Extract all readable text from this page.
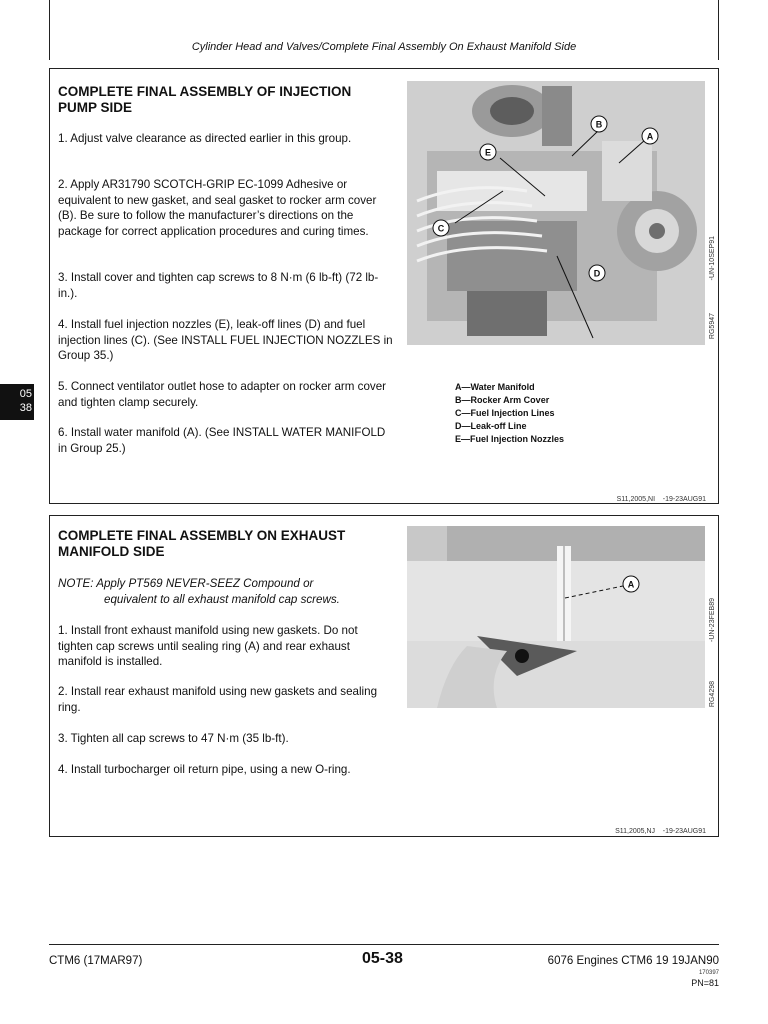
Cylinder Head and Valves/Complete Final Assembly On Exhaust Manifold Side
COMPLETE FINAL ASSEMBLY OF INJECTION PUMP SIDE
1. Adjust valve clearance as directed earlier in this group.
2. Apply AR31790 SCOTCH-GRIP EC-1099 Adhesive or equivalent to new gasket, and seal gasket to rocker arm cover (B). Be sure to follow the manufacturer’s directions on the package for correct application procedures and curing times.
3. Install cover and tighten cap screws to 8 N·m (6 lb-ft) (72 lb-in.).
4. Install fuel injection nozzles (E), leak-off lines (D) and fuel injection lines (C). (See INSTALL FUEL INJECTION NOZZLES in Group 35.)
5. Connect ventilator outlet hose to adapter on rocker arm cover and tighten clamp securely.
6. Install water manifold (A). (See INSTALL WATER MANIFOLD in Group 25.)
B
A
E
C
D
RG5947
-UN-10SEP91
A—Water Manifold
B—Rocker Arm Cover
C—Fuel Injection Lines
D—Leak-off Line
E—Fuel Injection Nozzles
S11,2005,NI    -19-23AUG91
05
38
COMPLETE FINAL ASSEMBLY ON EXHAUST MANIFOLD SIDE
NOTE: Apply PT569 NEVER-SEEZ Compound or
equivalent to all exhaust manifold cap screws.
1. Install front exhaust manifold using new gaskets. Do not tighten cap screws until sealing ring (A) and rear exhaust manifold is installed.
2. Install rear exhaust manifold using new gaskets and sealing ring.
3. Tighten all cap screws to 47 N·m (35 lb-ft).
4. Install turbocharger oil return pipe, using a new O-ring.
A
RG4298
-UN-23FEB89
S11,2005,NJ    -19-23AUG91
CTM6 (17MAR97)	05-38	6076 Engines CTM6 19 19JAN90
170397
PN=81
